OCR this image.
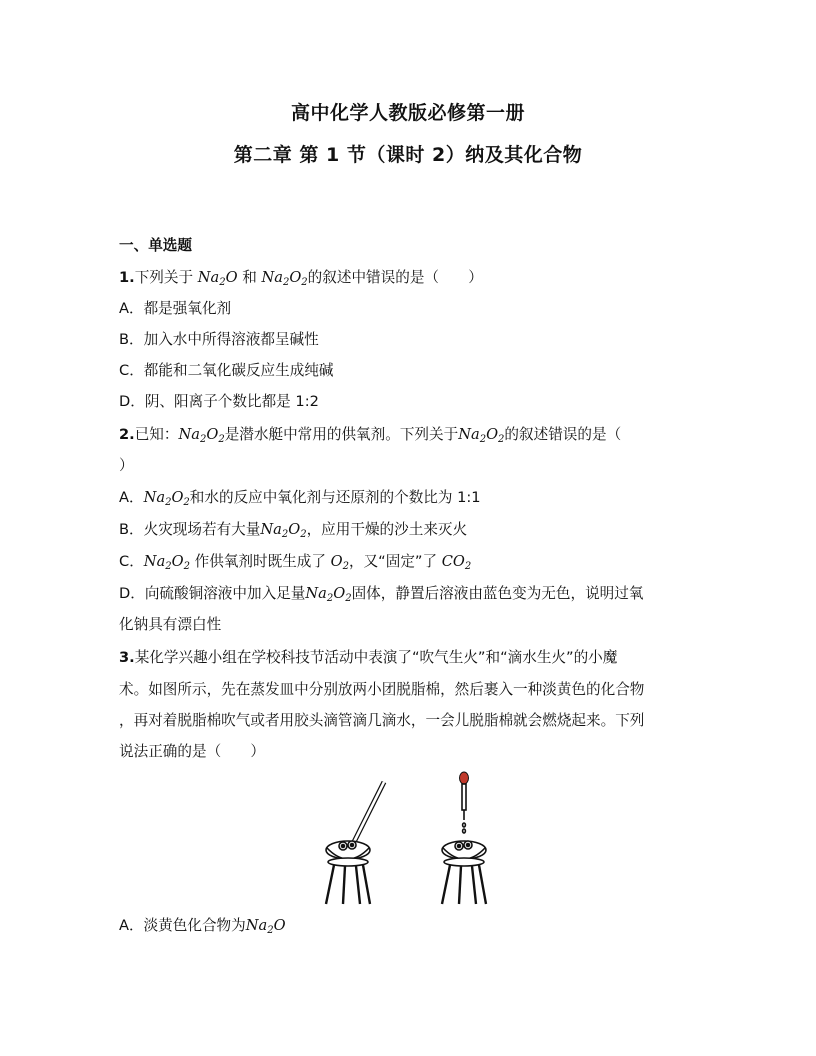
高中化学人教版必修第一册
第二章 第 1 节（课时 2）纳及其化合物
一、单选题
1.下列关于 $Na_2O$ 和 $Na_2O_2$的叙述中错误的是（　　）
A．都是强氧化剂
B．加入水中所得溶液都呈碱性
C．都能和二氧化碳反应生成纯碱
D．阴、阳离子个数比都是 1:2
2.已知：$Na_2O_2$是潜水艇中常用的供氧剂。下列关于$Na_2O_2$的叙述错误的是（
）
A．$Na_2O_2$和水的反应中氧化剂与还原剂的个数比为 1:1
B．火灾现场若有大量$Na_2O_2$，应用干燥的沙土来灭火
C．$Na_2O_2$ 作供氧剂时既生成了 $O_2$，又“固定”了 $CO_2$
D．向硫酸铜溶液中加入足量$Na_2O_2$固体，静置后溶液由蓝色变为无色，说明过氧
化钠具有漂白性
3.某化学兴趣小组在学校科技节活动中表演了“吹气生火”和“滴水生火”的小魔
术。如图所示，先在蒸发皿中分别放两小团脱脂棉，然后裹入一种淡黄色的化合物
，再对着脱脂棉吹气或者用胶头滴管滴几滴水，一会儿脱脂棉就会燃烧起来。下列
说法正确的是（　　）
A．淡黄色化合物为$Na_2O$
